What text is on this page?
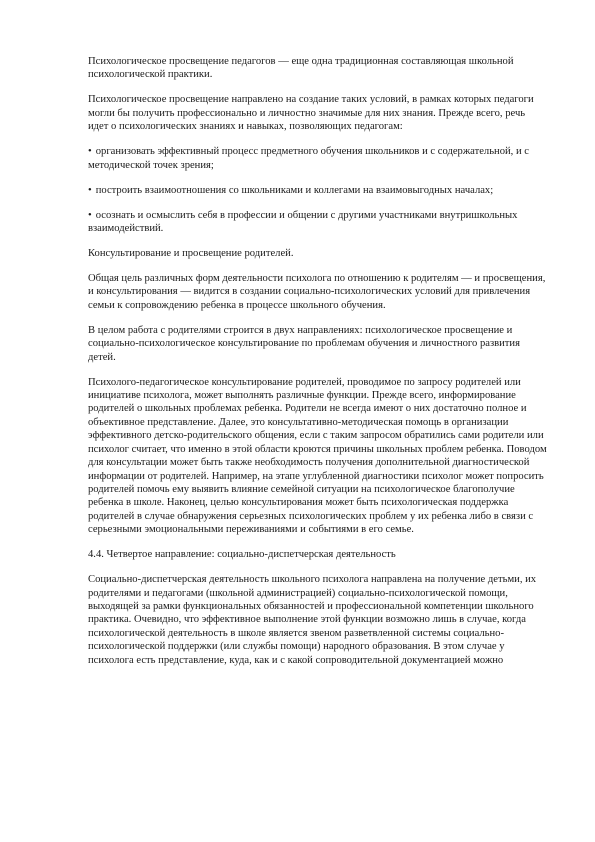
Психологическое просвещение педагогов — еще одна традиционная составляющая школьной психологической практики.

Психологическое просвещение направлено на создание таких условий, в рамках которых педагоги могли бы получить профессионально и личностно значимые для них знания. Прежде всего, речь идет о психологических знаниях и навыках, позволяющих педагогам:

• организовать эффективный процесс предметного обучения школьников и с содержательной, и с методической точек зрения;
• построить взаимоотношения со школьниками и коллегами на взаимовыгодных началах;
• осознать и осмыслить себя в профессии и общении с другими участниками внутришкольных взаимодействий.

Консультирование и просвещение родителей.

Общая цель различных форм деятельности психолога по отношению к родителям — и просвещения, и консультирования — видится в создании социально-психологических условий для привлечения семьи к сопровождению ребенка в процессе школьного обучения.

В целом работа с родителями строится в двух направлениях: психологическое просвещение и социально-психологическое консультирование по проблемам обучения и личностного развития детей.

Психолого-педагогическое консультирование родителей, проводимое по запросу родителей или инициативе психолога, может выполнять различные функции. Прежде всего, информирование родителей о школьных проблемах ребенка. Родители не всегда имеют о них достаточно полное и объективное представление. Далее, это консультативно-методическая помощь в организации эффективного детско-родительского общения, если с таким запросом обратились сами родители или психолог считает, что именно в этой области кроются причины школьных проблем ребенка. Поводом для консультации может быть также необходимость получения дополнительной диагностической информации от родителей. Например, на этапе углубленной диагностики психолог может попросить родителей помочь ему выявить влияние семейной ситуации на психологическое благополучие ребенка в школе. Наконец, целью консультирования может быть психологическая поддержка родителей в случае обнаружения серьезных психологических проблем у их ребенка либо в связи с серьезными эмоциональными переживаниями и событиями в его семье.

4.4. Четвертое направление: социально-диспетчерская деятельность

Социально-диспетчерская деятельность школьного психолога направлена на получение детьми, их родителями и педагогами (школьной администрацией) социально-психологической помощи, выходящей за рамки функциональных обязанностей и профессиональной компетенции школьного практика. Очевидно, что эффективное выполнение этой функции возможно лишь в случае, когда психологической деятельность в школе является звеном разветвленной системы социально-психологической поддержки (или службы помощи) народного образования. В этом случае у психолога есть представление, куда, как и с какой сопроводительной документацией можно
